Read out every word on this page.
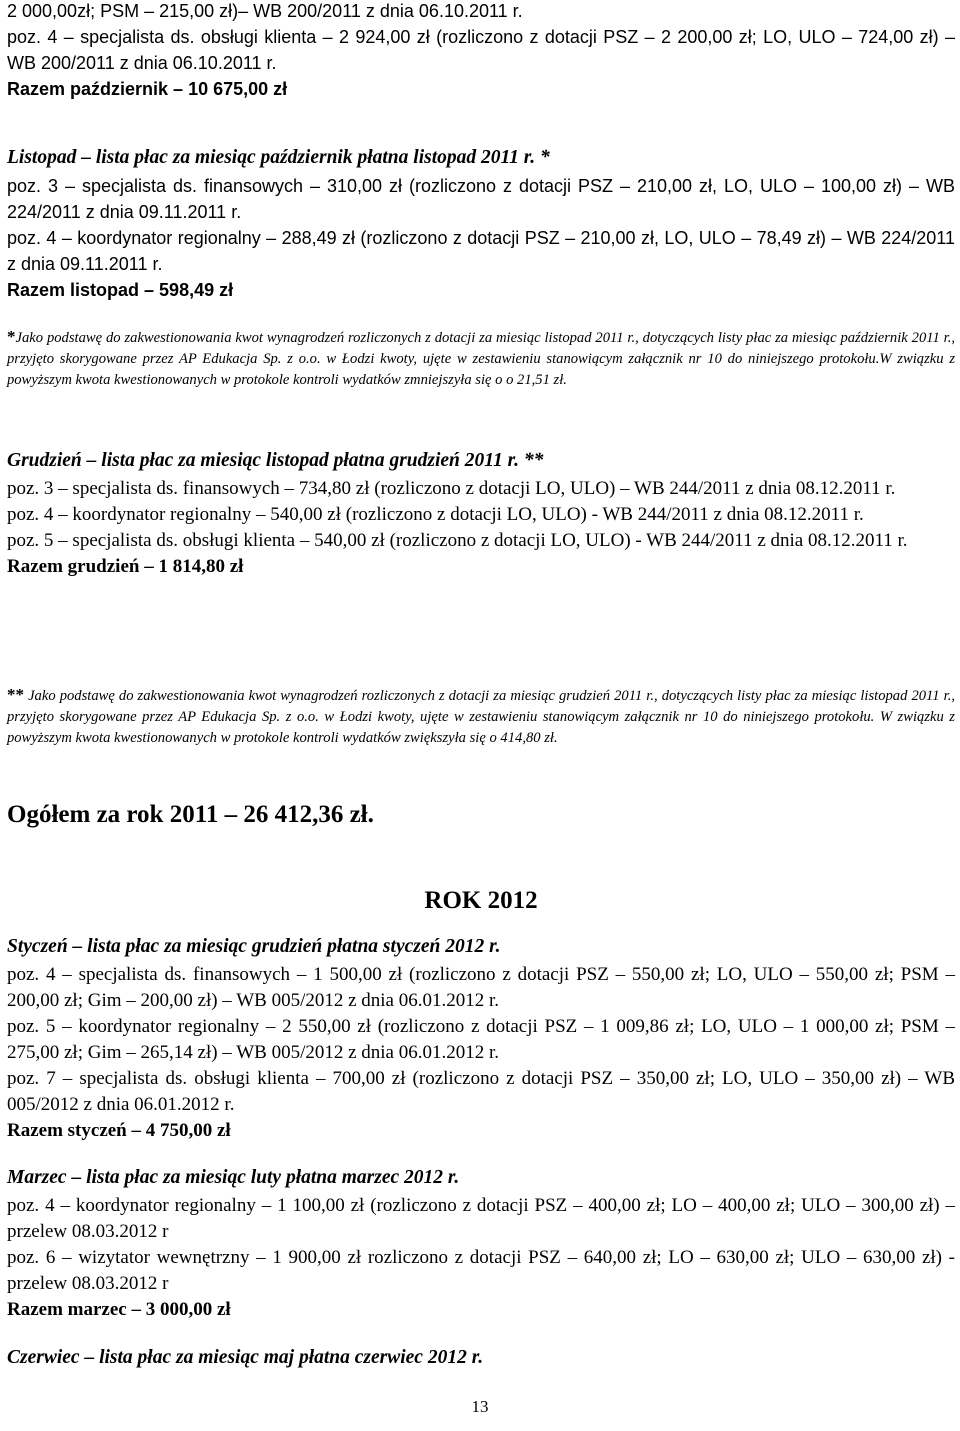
2 000,00zł; PSM – 215,00 zł)– WB 200/2011 z dnia 06.10.2011 r.

poz. 4 – specjalista ds. obsługi klienta – 2 924,00 zł (rozliczono z dotacji PSZ – 2 200,00 zł; LO, ULO – 724,00 zł) – WB 200/2011 z dnia 06.10.2011 r.

Razem październik – 10 675,00 zł

Listopad – lista płac za miesiąc październik płatna listopad 2011 r. *

poz. 3 – specjalista ds. finansowych – 310,00 zł (rozliczono z dotacji PSZ – 210,00 zł, LO, ULO – 100,00 zł) – WB 224/2011 z dnia 09.11.2011 r.

poz. 4 – koordynator regionalny – 288,49 zł (rozliczono z dotacji PSZ – 210,00 zł, LO, ULO – 78,49 zł) – WB 224/2011 z dnia 09.11.2011 r.

Razem listopad – 598,49 zł

*Jako podstawę do zakwestionowania kwot wynagrodzeń rozliczonych z dotacji za miesiąc listopad 2011 r., dotyczących listy płac za miesiąc październik 2011 r., przyjęto skorygowane przez AP Edukacja Sp. z o.o. w Łodzi kwoty, ujęte w zestawieniu stanowiącym załącznik nr 10 do niniejszego protokołu.W związku z powyższym kwota kwestionowanych w protokole kontroli wydatków zmniejszyła się o o 21,51 zł.

Grudzień – lista płac za miesiąc listopad płatna grudzień 2011 r. **

poz. 3 – specjalista ds. finansowych – 734,80 zł (rozliczono z dotacji LO, ULO) – WB 244/2011 z dnia 08.12.2011 r.

poz. 4 – koordynator regionalny – 540,00 zł (rozliczono z dotacji LO, ULO) - WB 244/2011 z dnia 08.12.2011 r.

poz. 5 – specjalista ds. obsługi klienta – 540,00 zł (rozliczono z dotacji LO, ULO) - WB 244/2011 z dnia 08.12.2011 r.

Razem grudzień – 1 814,80 zł

** Jako podstawę do zakwestionowania kwot wynagrodzeń rozliczonych z dotacji za miesiąc grudzień 2011 r., dotyczących listy płac za miesiąc listopad 2011 r., przyjęto skorygowane przez AP Edukacja Sp. z o.o. w Łodzi kwoty, ujęte w zestawieniu stanowiącym załącznik nr 10 do niniejszego protokołu. W związku z powyższym kwota kwestionowanych w protokole kontroli wydatków zwiększyła się o 414,80 zł.

Ogółem za rok 2011 – 26 412,36 zł.

ROK 2012

Styczeń – lista płac za miesiąc grudzień płatna styczeń 2012 r.

poz. 4 – specjalista ds. finansowych – 1 500,00 zł (rozliczono z dotacji PSZ – 550,00 zł; LO, ULO – 550,00 zł; PSM – 200,00 zł; Gim – 200,00 zł) – WB 005/2012 z dnia 06.01.2012 r.

poz. 5 – koordynator regionalny – 2 550,00 zł (rozliczono z dotacji PSZ – 1 009,86 zł; LO, ULO – 1 000,00 zł; PSM – 275,00 zł; Gim – 265,14 zł) – WB 005/2012 z dnia 06.01.2012 r.

poz. 7 – specjalista ds. obsługi klienta – 700,00 zł (rozliczono z dotacji PSZ – 350,00 zł; LO, ULO – 350,00 zł) – WB 005/2012 z dnia 06.01.2012 r.

Razem styczeń – 4 750,00 zł

Marzec – lista płac za miesiąc luty płatna marzec 2012 r.

poz. 4 – koordynator regionalny – 1 100,00 zł (rozliczono z dotacji PSZ – 400,00 zł; LO – 400,00 zł; ULO – 300,00 zł) – przelew 08.03.2012 r

poz. 6 – wizytator wewnętrzny – 1 900,00 zł rozliczono z dotacji PSZ – 640,00 zł; LO – 630,00 zł; ULO – 630,00 zł) - przelew 08.03.2012 r

Razem marzec – 3 000,00 zł

Czerwiec – lista płac za miesiąc maj płatna czerwiec 2012 r.

13
